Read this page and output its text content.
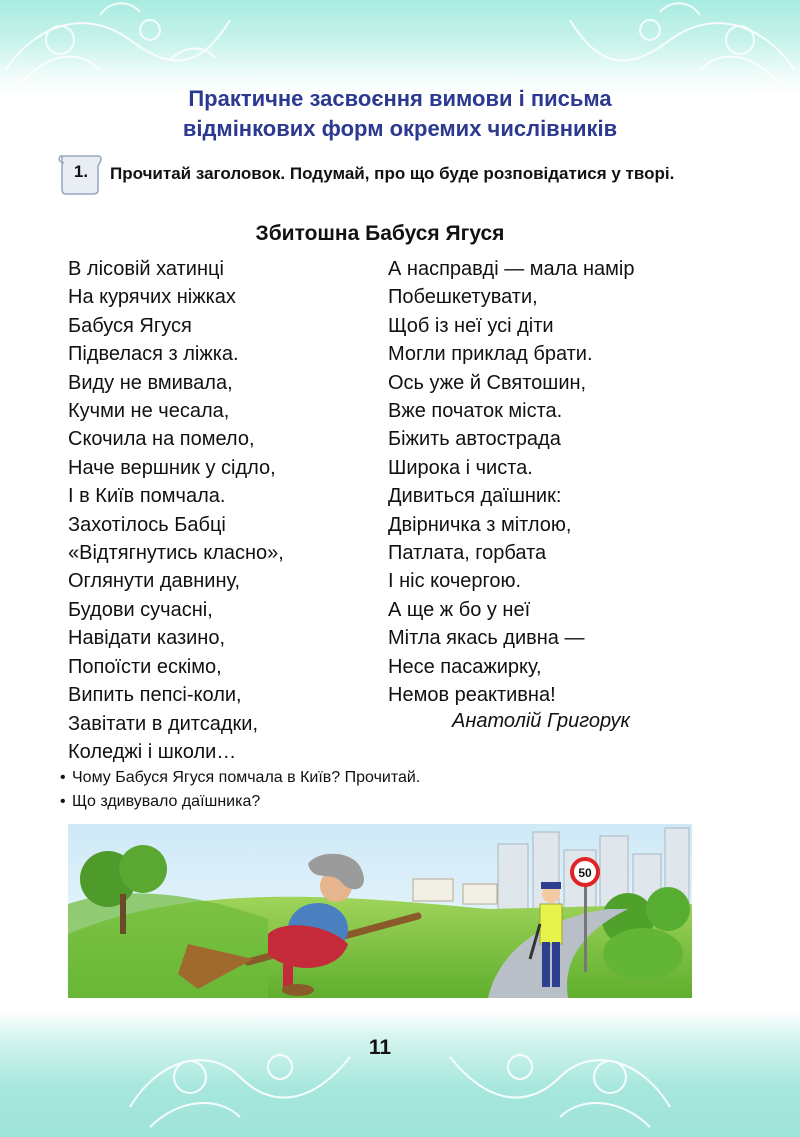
Практичне засвоєння вимови і письма
відмінкових форм окремих числівників
1.	Прочитай заголовок. Подумай, про що буде розповідатися у творі.
Збитошна Бабуся Ягуся
В лісовій хатинці
На курячих ніжках
Бабуся Ягуся
Підвелася з ліжка.
Виду не вмивала,
Кучми не чесала,
Скочила на помело,
Наче вершник у сідло,
І в Київ помчала.
Захотілось Бабці
«Відтягнутись класно»,
Оглянути давнину,
Будови сучасні,
Навідати казино,
Попоїсти ескімо,
Випить пепсі-коли,
Завітати в дитсадки,
Коледжі і школи…
А насправді — мала намір
Побешкетувати,
Щоб із неї усі діти
Могли приклад брати.
Ось уже й Святошин,
Вже початок міста.
Біжить автострада
Широка і чиста.
Дивиться даїшник:
Двірничка з мітлою,
Патлата, горбата
І ніс кочергою.
А ще ж бо у неї
Мітла якась дивна —
Несе пасажирку,
Немов реактивна!
Анатолій Григорук
• Чому Бабуся Ягуся помчала в Київ? Прочитай.
• Що здивувало даїшника?
50
11
